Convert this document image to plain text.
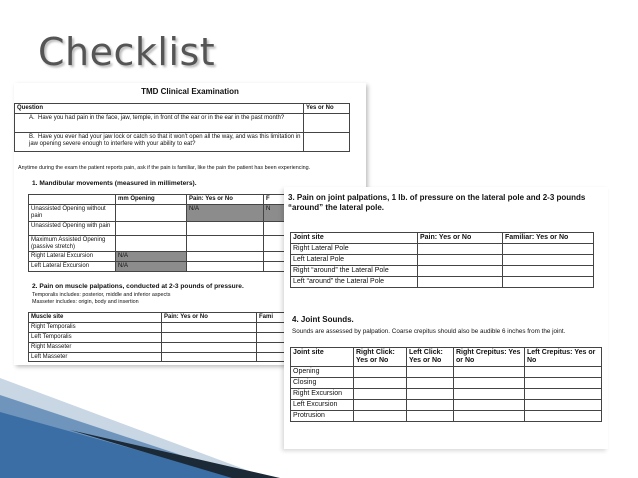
Checklist
TMD Clinical Examination
Question	Yes or No
A. Have you had pain in the face, jaw, temple, in front of the ear or in the ear in the past month?	
B. Have you ever had your jaw lock or catch so that it won't open all the way, and was this limitation in jaw opening severe enough to interfere with your ability to eat?	
Anytime during the exam the patient reports pain, ask if the pain is familiar, like the pain the patient has been experiencing.
1. Mandibular movements (measured in millimeters).
	mm Opening	Pain: Yes or No	F
Unassisted Opening without pain		N/A	N
Unassisted Opening with pain			
Maximum Assisted Opening (passive stretch)			
Right Lateral Excursion	N/A		
Left Lateral Excursion	N/A		
2. Pain on muscle palpations, conducted at 2-3 pounds of pressure.
Temporalis includes: posterior, middle and inferior aspects
Masseter includes: origin, body and insertion
Muscle site	Pain: Yes or No	Fami
Right Temporalis		
Left Temporalis		
Right Masseter		
Left Masseter		
3. Pain on joint palpations, 1 lb. of pressure on the lateral pole and 2-3 pounds “around” the lateral pole.
Joint site	Pain: Yes or No	Familiar: Yes or No
Right Lateral Pole		
Left Lateral Pole		
Right “around” the Lateral Pole		
Left “around” the Lateral Pole		
4. Joint Sounds.
Sounds are assessed by palpation. Coarse crepitus should also be audible 6 inches from the joint.
Joint site	Right Click: Yes or No	Left Click: Yes or No	Right Crepitus: Yes or No	Left Crepitus: Yes or No
Opening				
Closing				
Right Excursion				
Left Excursion				
Protrusion				
